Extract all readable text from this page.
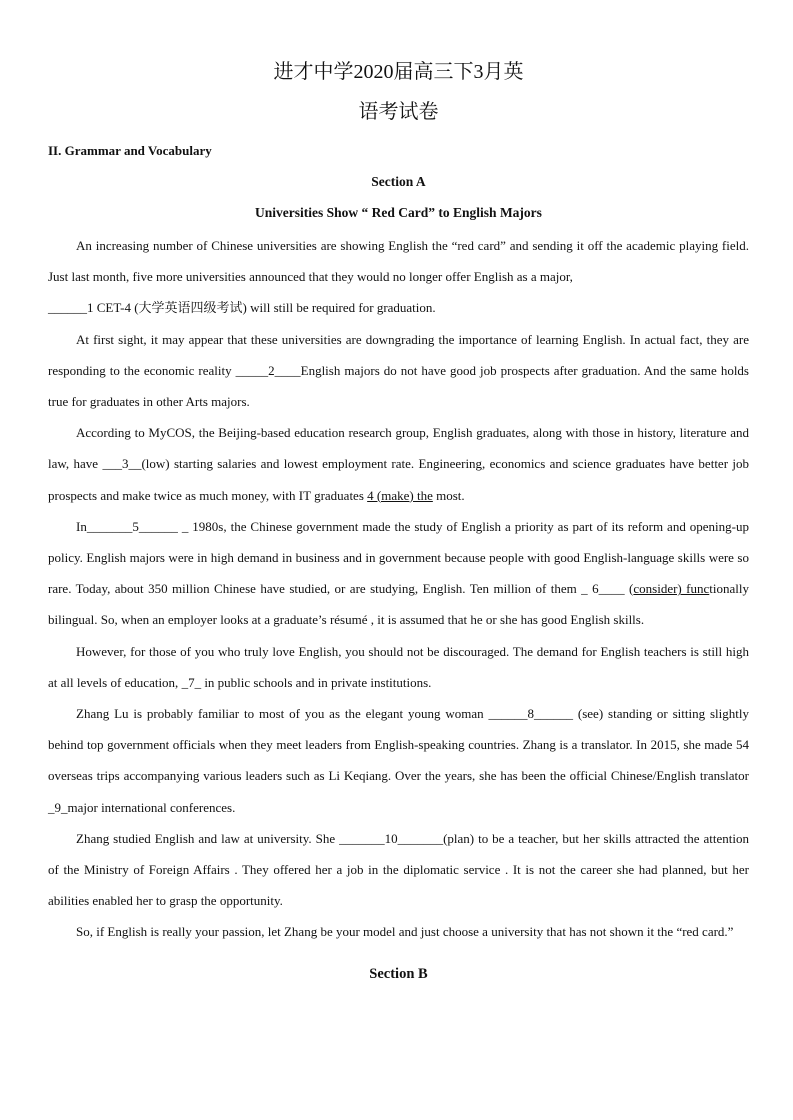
进才中学2020届高三下3月英
语考试卷
II. Grammar and Vocabulary
Section A
Universities Show “ Red Card” to English Majors

An increasing number of Chinese universities are showing English the “red card” and sending it off the academic playing field. Just last month, five more universities announced that they would no longer offer English as a major,

______1 CET-4 (大学英语四级考试) will still be required for graduation.

At first sight, it may appear that these universities are downgrading the importance of learning English. In actual fact, they are responding to the economic reality _____2____English majors do not have good job prospects after graduation. And the same holds true for graduates in other Arts majors.

According to MyCOS, the Beijing-based education research group, English graduates, along with those in history, literature and law, have ___3__(low) starting salaries and lowest employment rate. Engineering, economics and science graduates have better job prospects and make twice as much money, with IT graduates 4 (make) the most.

In_______5______ _ 1980s, the Chinese government made the study of English a priority as part of its reform and opening-up policy. English majors were in high demand in business and in government because people with good English-language skills were so rare. Today, about 350 million Chinese have studied, or are studying, English. Ten million of them _ 6____ (consider) functionally bilingual. So, when an employer looks at a graduate’s résumé , it is assumed that he or she has good English skills.

However, for those of you who truly love English, you should not be discouraged. The demand for English teachers is still high at all levels of education, _7_ in public schools and in private institutions.

Zhang Lu is probably familiar to most of you as the elegant young woman ______8______ (see) standing or sitting slightly behind top government officials when they meet leaders from English-speaking countries. Zhang is a translator. In 2015, she made 54 overseas trips accompanying various leaders such as Li Keqiang. Over the years, she has been the official Chinese/English translator _9_major international conferences.

Zhang studied English and law at university. She _______10_______(plan) to be a teacher, but her skills attracted the attention of the Ministry of Foreign Affairs . They offered her a job in the diplomatic service . It is not the career she had planned, but her abilities enabled her to grasp the opportunity.

So, if English is really your passion, let Zhang be your model and just choose a university that has not shown it the “red card.”

Section B
